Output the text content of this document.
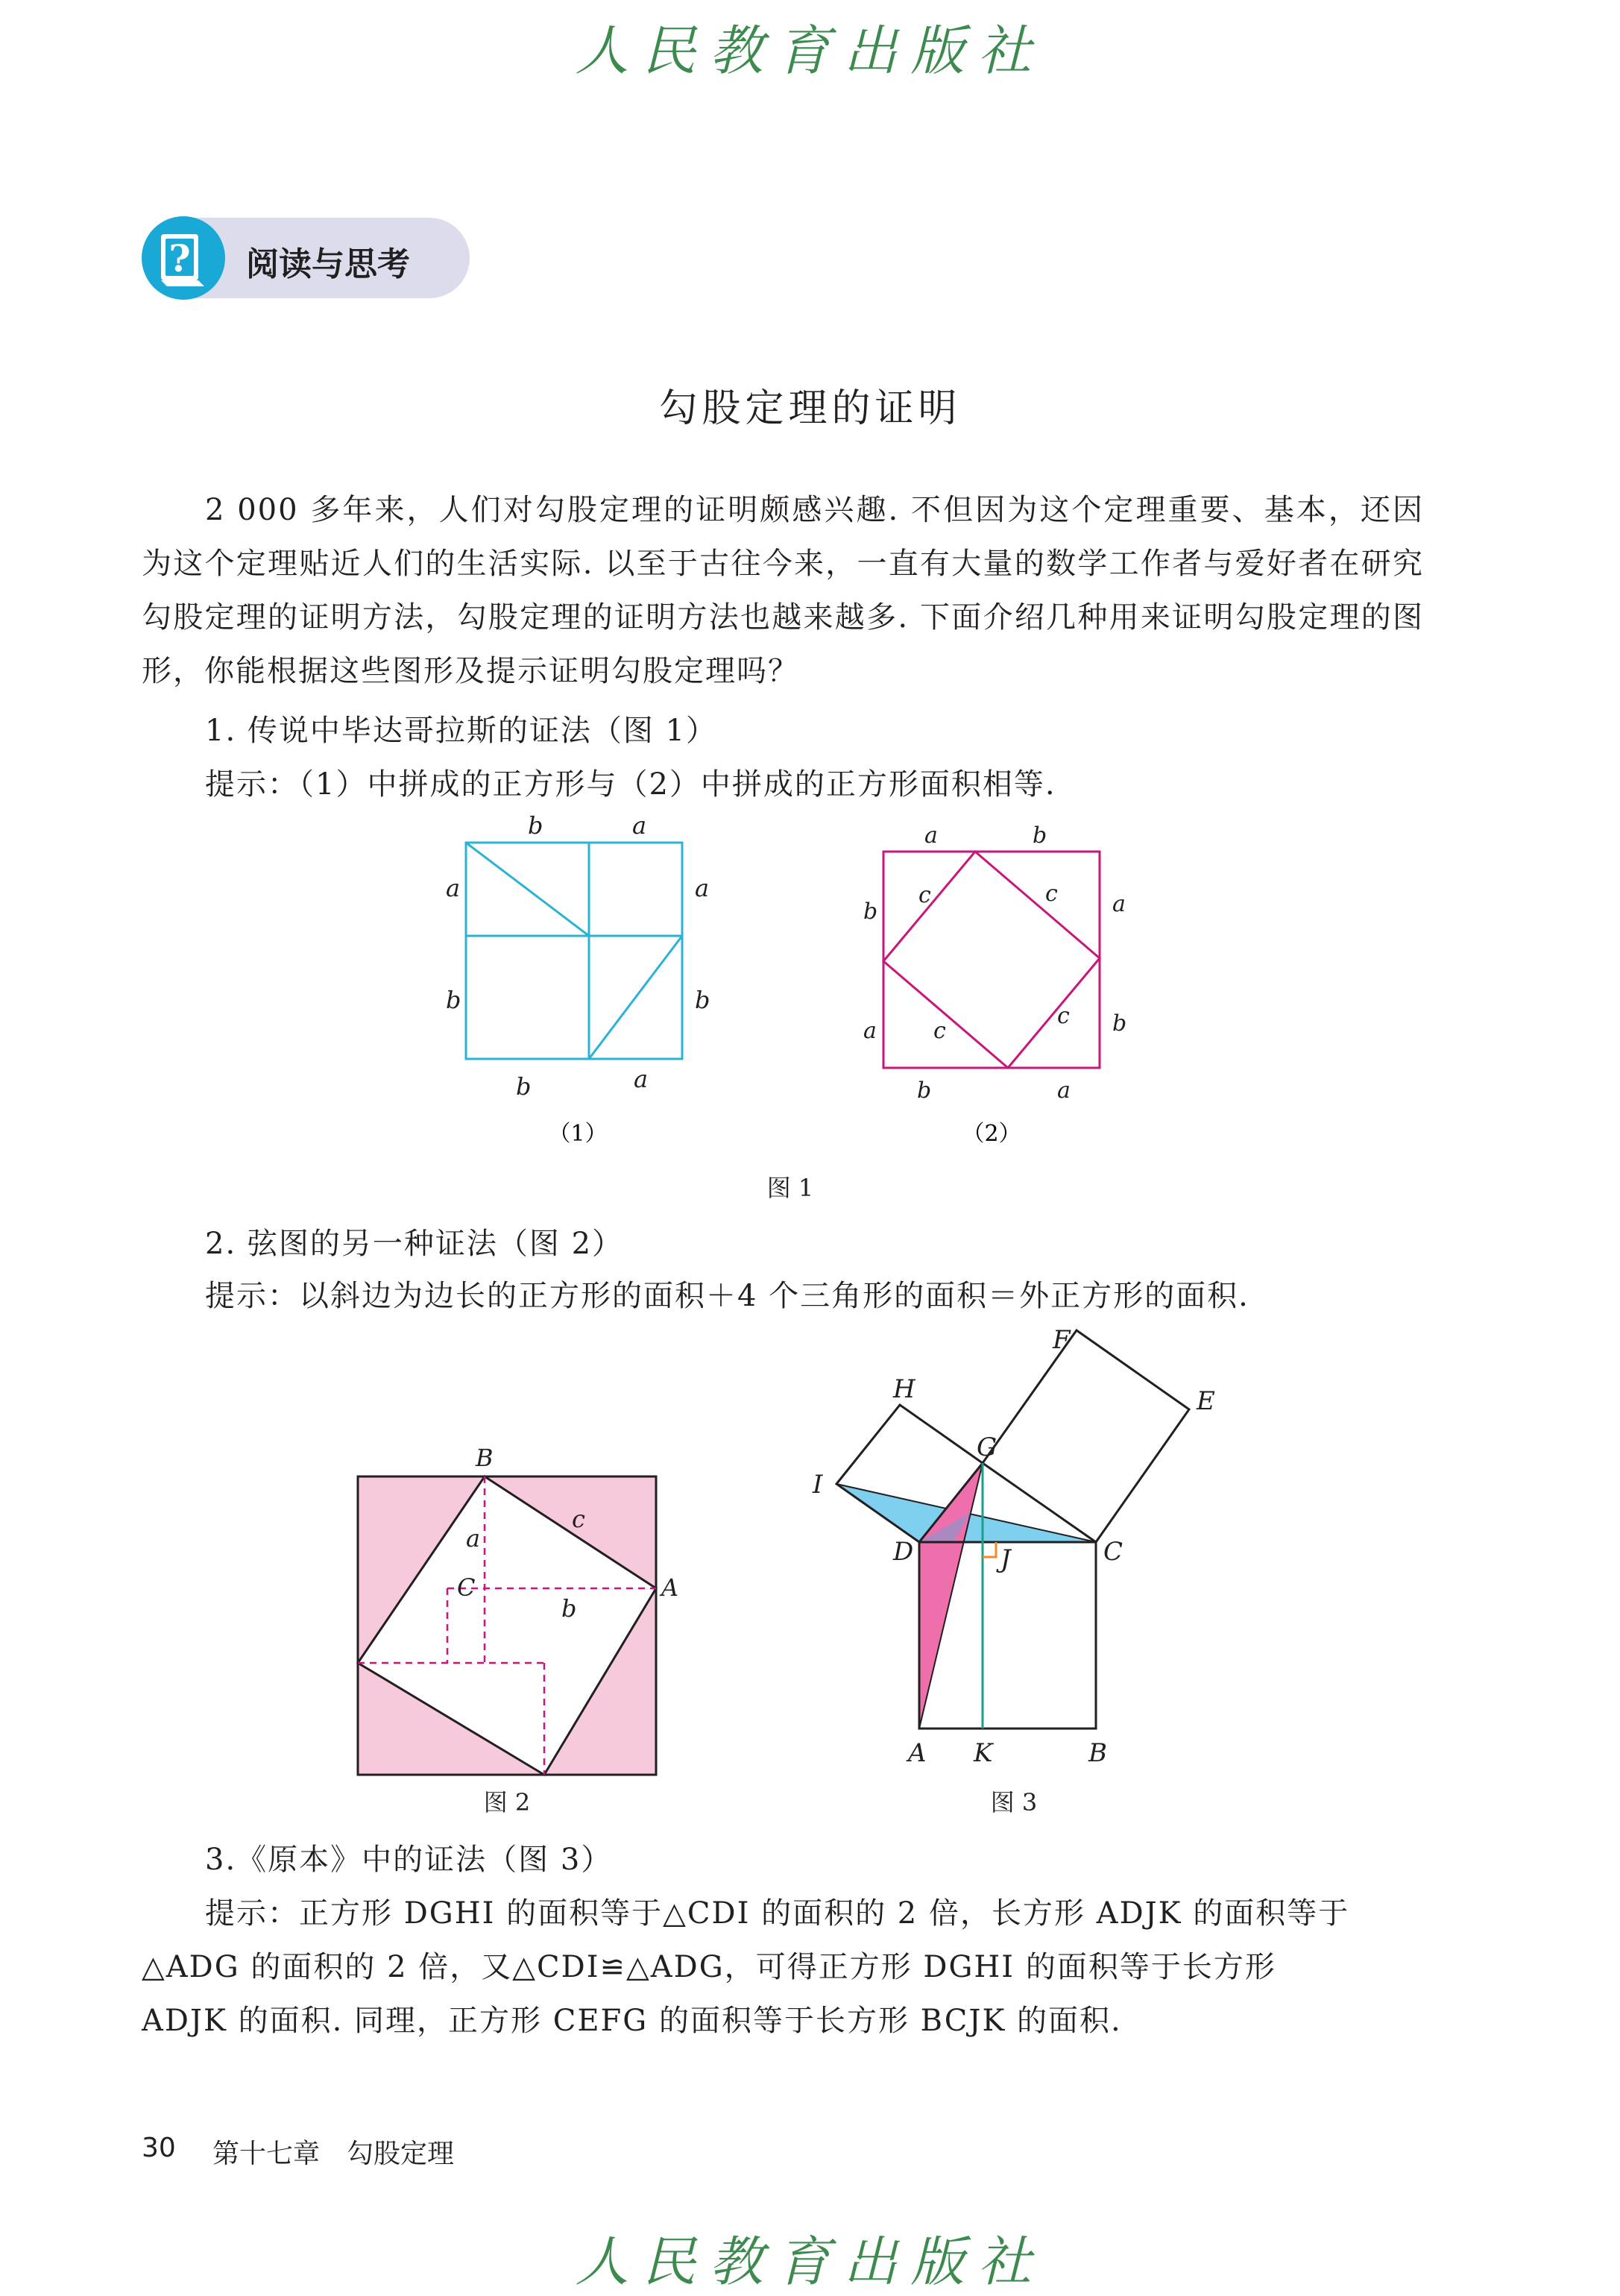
人民教育出版社
? 阅读与思考
勾股定理的证明
2 000 多年来，人们对勾股定理的证明颇感兴趣. 不但因为这个定理重要、基本，还因为这个定理贴近人们的生活实际. 以至于古往今来，一直有大量的数学工作者与爱好者在研究勾股定理的证明方法，勾股定理的证明方法也越来越多. 下面介绍几种用来证明勾股定理的图形，你能根据这些图形及提示证明勾股定理吗？
1. 传说中毕达哥拉斯的证法（图 1）
提示：（1）中拼成的正方形与（2）中拼成的正方形面积相等.
b	a
a	a
b	b
b	a
（1）
a	b
b	a
a	b
b	a
c	c
c
c
（2）
图 1
2. 弦图的另一种证法（图 2）
提示：以斜边为边长的正方形的面积＋4 个三角形的面积＝外正方形的面积.
B
A
C
a
b
c
图 2
F
H
G
E
I
D	J	C
A K	B
图 3
3.《原本》中的证法（图 3）
提示：正方形 DGHI 的面积等于△CDI 的面积的 2 倍，长方形 ADJK 的面积等于
△ADG 的面积的 2 倍，又△CDI≌△ADG，可得正方形 DGHI 的面积等于长方形
ADJK 的面积. 同理，正方形 CEFG 的面积等于长方形 BCJK 的面积.
30 第十七章　勾股定理
人民教育出版社
